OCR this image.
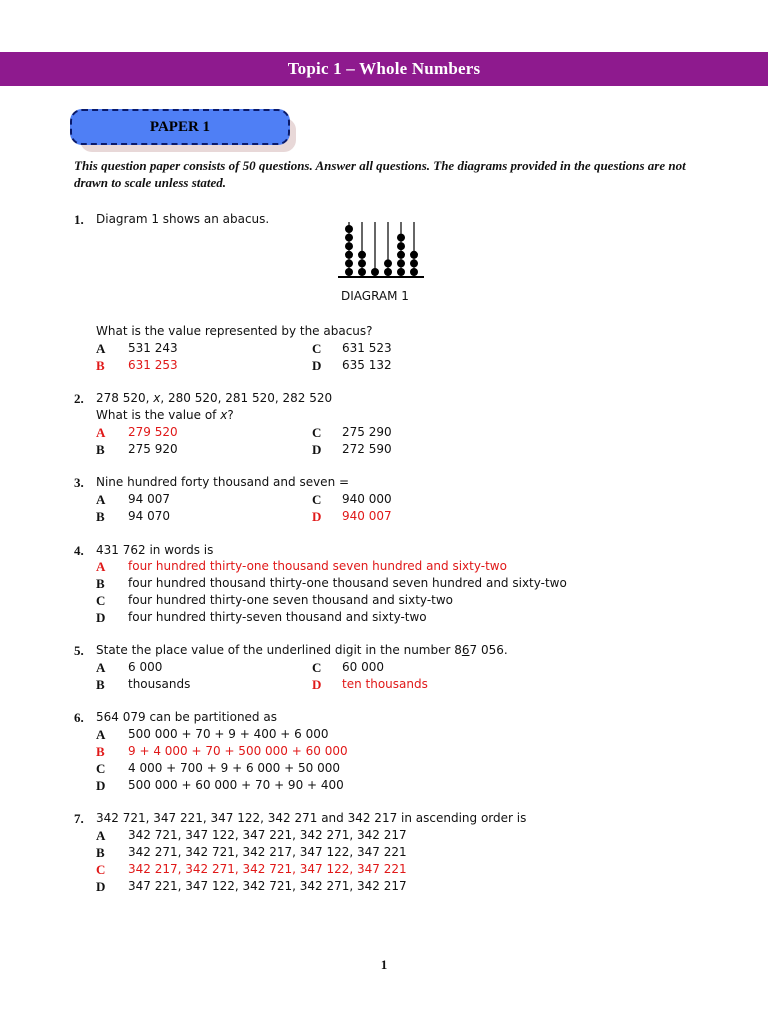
Topic 1 – Whole Numbers
PAPER 1
This question paper consists of 50 questions. Answer all questions. The diagrams provided in the questions are not drawn to scale unless stated.
1. Diagram 1 shows an abacus.
DIAGRAM 1
What is the value represented by the abacus?
A 531 243	C 631 523
B 631 253	D 635 132
2. 278 520, x, 280 520, 281 520, 282 520
What is the value of x?
A 279 520	C 275 290
B 275 920	D 272 590
3. Nine hundred forty thousand and seven =
A 94 007	C 940 000
B 94 070	D 940 007
4. 431 762 in words is
A four hundred thirty-one thousand seven hundred and sixty-two
B four hundred thousand thirty-one thousand seven hundred and sixty-two
C four hundred thirty-one seven thousand and sixty-two
D four hundred thirty-seven thousand and sixty-two
5. State the place value of the underlined digit in the number 867 056.
A 6 000	C 60 000
B thousands	D ten thousands
6. 564 079 can be partitioned as
A 500 000 + 70 + 9 + 400 + 6 000
B 9 + 4 000 + 70 + 500 000 + 60 000
C 4 000 + 700 + 9 + 6 000 + 50 000
D 500 000 + 60 000 + 70 + 90 + 400
7. 342 721, 347 221, 347 122, 342 271 and 342 217 in ascending order is
A 342 721, 347 122, 347 221, 342 271, 342 217
B 342 271, 342 721, 342 217, 347 122, 347 221
C 342 217, 342 271, 342 721, 347 122, 347 221
D 347 221, 347 122, 342 721, 342 271, 342 217
1
